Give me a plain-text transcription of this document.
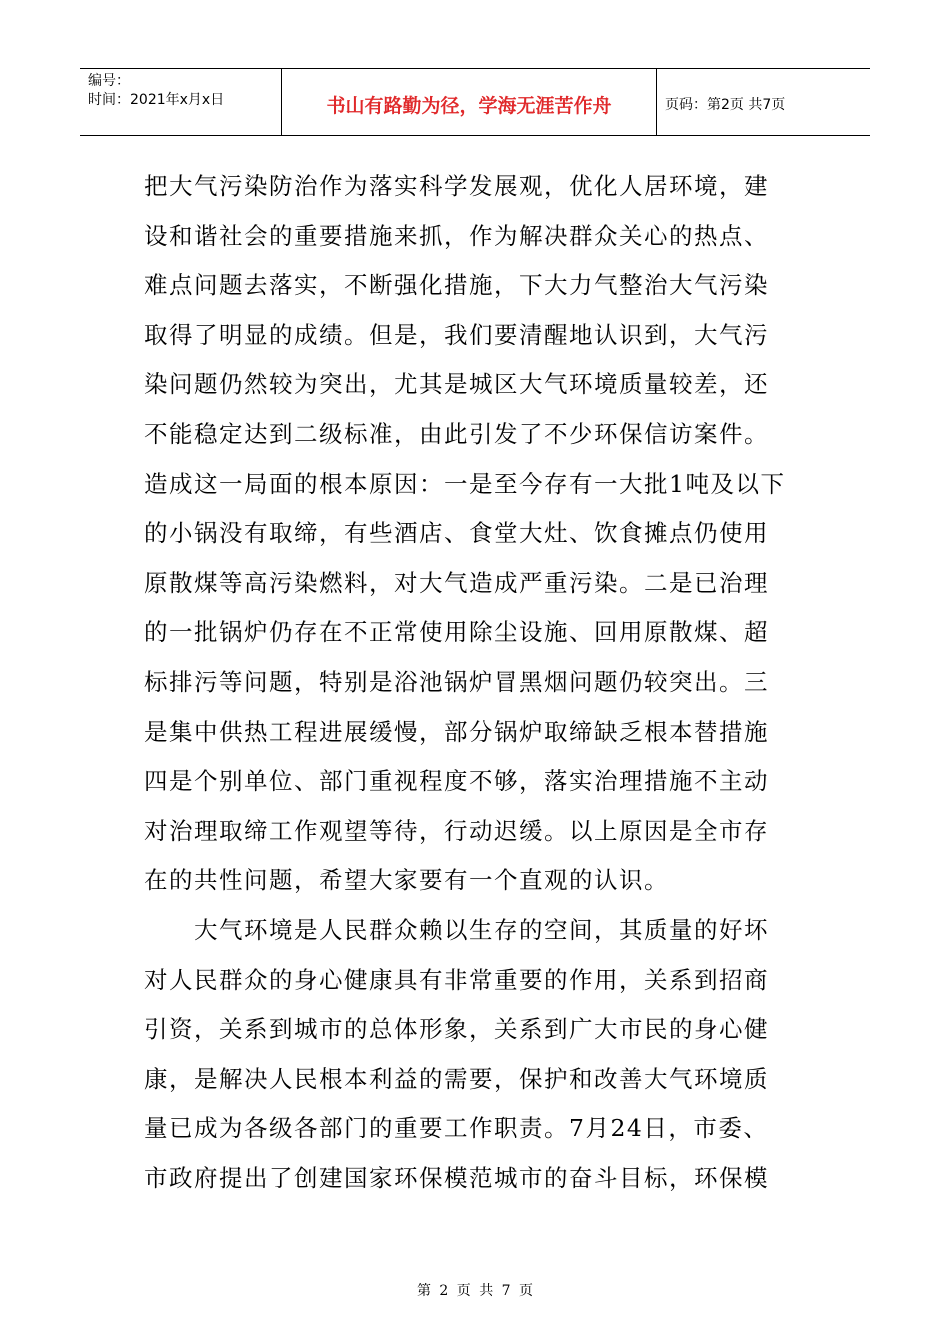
编号：
时间：2021年x月x日	书山有路勤为径，学海无涯苦作舟	页码：第2页 共7页
把大气污染防治作为落实科学发展观，优化人居环境，建
设和谐社会的重要措施来抓，作为解决群众关心的热点、
难点问题去落实，不断强化措施，下大力气整治大气污染
取得了明显的成绩。但是，我们要清醒地认识到，大气污
染问题仍然较为突出，尤其是城区大气环境质量较差，还
不能稳定达到二级标准，由此引发了不少环保信访案件。
造成这一局面的根本原因：一是至今存有一大批1吨及以下
的小锅没有取缔，有些酒店、食堂大灶、饮食摊点仍使用
原散煤等高污染燃料，对大气造成严重污染。二是已治理
的一批锅炉仍存在不正常使用除尘设施、回用原散煤、超
标排污等问题，特别是浴池锅炉冒黑烟问题仍较突出。三
是集中供热工程进展缓慢，部分锅炉取缔缺乏根本替措施
四是个别单位、部门重视程度不够，落实治理措施不主动
对治理取缔工作观望等待，行动迟缓。以上原因是全市存
在的共性问题，希望大家要有一个直观的认识。
大气环境是人民群众赖以生存的空间，其质量的好坏
对人民群众的身心健康具有非常重要的作用，关系到招商
引资，关系到城市的总体形象，关系到广大市民的身心健
康，是解决人民根本利益的需要，保护和改善大气环境质
量已成为各级各部门的重要工作职责。7月24日，市委、
市政府提出了创建国家环保模范城市的奋斗目标，环保模
第 2 页 共 7 页
